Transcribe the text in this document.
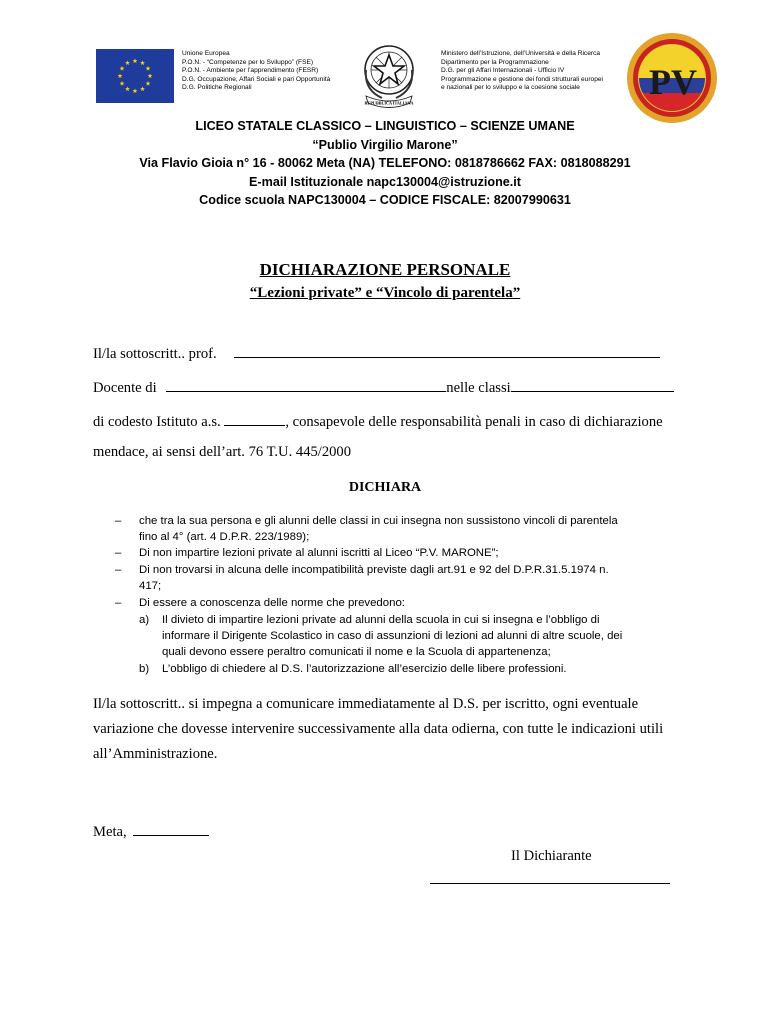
Unione Europea
P.O.N. - “Competenze per lo Sviluppo” (FSE)
P.O.N. - Ambiente per l’apprendimento (FESR)
D.G. Occupazione, Affari Sociali e pari Opportunità
D.G. Politiche Regionali
REPUBBLICA ITALIANA
Ministero dell’Istruzione, dell’Università e della Ricerca
Dipartimento per la Programmazione
D.G. per gli Affari Internazionali - Ufficio IV
Programmazione e gestione dei fondi strutturali europei
e nazionali per lo sviluppo e la coesione sociale	PV
LICEO STATALE CLASSICO – LINGUISTICO – SCIENZE UMANE
“Publio Virgilio Marone”
Via Flavio Gioia n° 16 - 80062 Meta (NA) TELEFONO: 0818786662 FAX: 0818088291
E-mail Istituzionale napc130004@istruzione.it
Codice scuola NAPC130004 – CODICE FISCALE: 82007990631
DICHIARAZIONE PERSONALE
“Lezioni private” e “Vincolo di parentela”
Il/la sottoscritt.. prof.
Docente di	nelle classi
di codesto Istituto a.s.	, consapevole delle responsabilità penali in caso di dichiarazione
mendace, ai sensi dell’art. 76 T.U. 445/2000
DICHIARA
– che tra la sua persona e gli alunni delle classi in cui insegna non sussistono vincoli di parentela
fino al 4° (art. 4 D.P.R. 223/1989);
– Di non impartire lezioni private al alunni iscritti al Liceo “P.V. MARONE”;
– Di non trovarsi in alcuna delle incompatibilità previste dagli art.91 e 92 del D.P.R.31.5.1974 n.
417;
– Di essere a conoscenza delle norme che prevedono:
a) Il divieto di impartire lezioni private ad alunni della scuola in cui si insegna e l’obbligo di
informare il Dirigente Scolastico in caso di assunzioni di lezioni ad alunni di altre scuole, dei
quali devono essere peraltro comunicati il nome e la Scuola di appartenenza;
b) L’obbligo di chiedere al D.S. l’autorizzazione all’esercizio delle libere professioni.
Il/la sottoscritt.. si impegna a comunicare immediatamente al D.S. per iscritto, ogni eventuale
variazione che dovesse intervenire successivamente alla data odierna, con tutte le indicazioni utili
all’Amministrazione.
Meta,
Il Dichiarante
